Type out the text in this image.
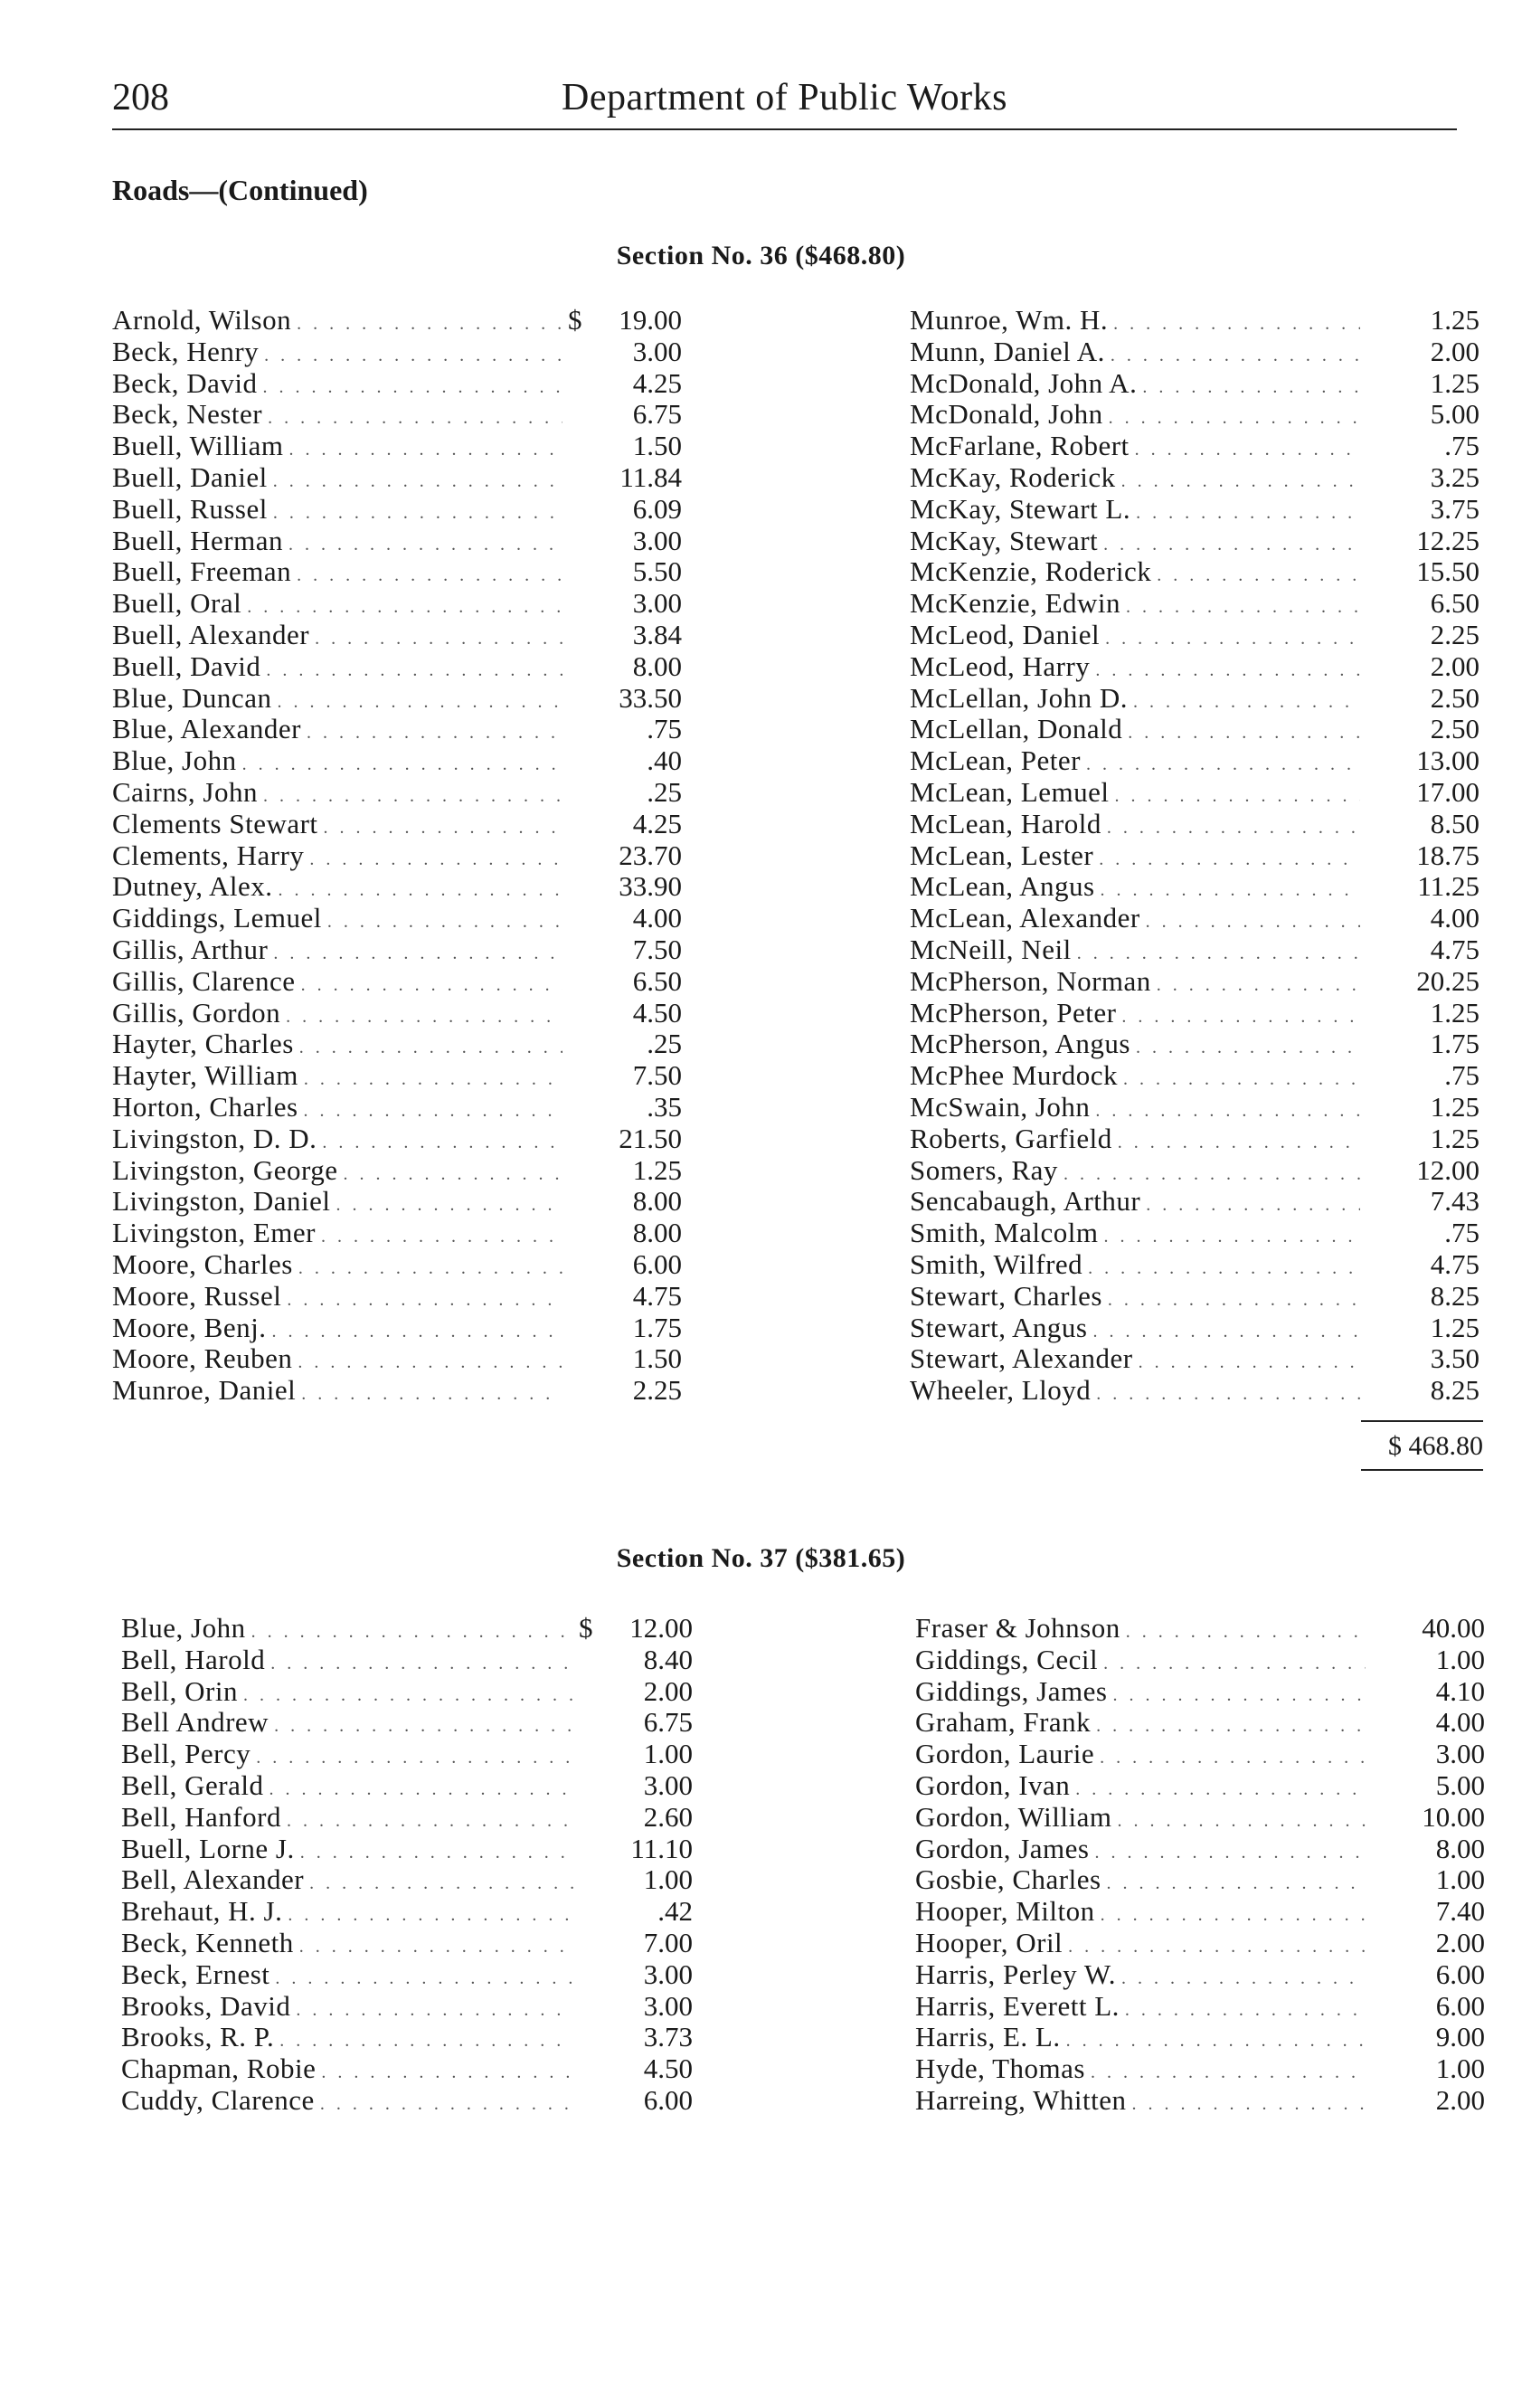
208	Department of Public Works
Roads—(Continued)
Section No. 36 ($468.80)
Arnold, Wilson . . .	$	19.00
Beck, Henry . . .	3.00
Beck, David . . .	4.25
Beck, Nester . . .	6.75
Buell, William . . .	1.50
Buell, Daniel . . .	11.84
Buell, Russel . . .	6.09
Buell, Herman . . .	3.00
Buell, Freeman . . .	5.50
Buell, Oral . . .	3.00
Buell, Alexander . . .	3.84
Buell, David . . .	8.00
Blue, Duncan . . .	33.50
Blue, Alexander . . .	.75
Blue, John . . .	.40
Cairns, John . . .	.25
Clements Stewart . . .	4.25
Clements, Harry . . .	23.70
Dutney, Alex. . . .	33.90
Giddings, Lemuel . . .	4.00
Gillis, Arthur . . .	7.50
Gillis, Clarence . . .	6.50
Gillis, Gordon . . .	4.50
Hayter, Charles . . .	.25
Hayter, William . . .	7.50
Horton, Charles . . .	.35
Livingston, D. D. . . .	21.50
Livingston, George . . .	1.25
Livingston, Daniel . . .	8.00
Livingston, Emer . . .	8.00
Moore, Charles . . .	6.00
Moore, Russel . . .	4.75
Moore, Benj. . . .	1.75
Moore, Reuben . . .	1.50
Munroe, Daniel . . .	2.25
Munroe, Wm. H. . . .	1.25
Munn, Daniel A. . . .	2.00
McDonald, John A. . . .	1.25
McDonald, John . . .	5.00
McFarlane, Robert . . .	.75
McKay, Roderick . . .	3.25
McKay, Stewart L. . . .	3.75
McKay, Stewart . . .	12.25
McKenzie, Roderick . . .	15.50
McKenzie, Edwin . . .	6.50
McLeod, Daniel . . .	2.25
McLeod, Harry . . .	2.00
McLellan, John D. . . .	2.50
McLellan, Donald . . .	2.50
McLean, Peter . . .	13.00
McLean, Lemuel . . .	17.00
McLean, Harold . . .	8.50
McLean, Lester . . .	18.75
McLean, Angus . . .	11.25
McLean, Alexander . . .	4.00
McNeill, Neil . . .	4.75
McPherson, Norman . . .	20.25
McPherson, Peter . . .	1.25
McPherson, Angus . . .	1.75
McPhee Murdock . . .	.75
McSwain, John . . .	1.25
Roberts, Garfield . . .	1.25
Somers, Ray . . .	12.00
Sencabaugh, Arthur . . .	7.43
Smith, Malcolm . . .	.75
Smith, Wilfred . . .	4.75
Stewart, Charles . . .	8.25
Stewart, Angus . . .	1.25
Stewart, Alexander . . .	3.50
Wheeler, Lloyd . . .	8.25
$ 468.80
Section No. 37 ($381.65)
Blue, John . . .	$	12.00
Bell, Harold . . .	8.40
Bell, Orin . . .	2.00
Bell Andrew . . .	6.75
Bell, Percy . . .	1.00
Bell, Gerald . . .	3.00
Bell, Hanford . . .	2.60
Buell, Lorne J. . . .	11.10
Bell, Alexander . . .	1.00
Brehaut, H. J. . . .	.42
Beck, Kenneth . . .	7.00
Beck, Ernest . . .	3.00
Brooks, David . . .	3.00
Brooks, R. P. . . .	3.73
Chapman, Robie . . .	4.50
Cuddy, Clarence . . .	6.00
Fraser & Johnson . . .	40.00
Giddings, Cecil . . .	1.00
Giddings, James . . .	4.10
Graham, Frank . . .	4.00
Gordon, Laurie . . .	3.00
Gordon, Ivan . . .	5.00
Gordon, William . . .	10.00
Gordon, James . . .	8.00
Gosbie, Charles . . .	1.00
Hooper, Milton . . .	7.40
Hooper, Oril . . .	2.00
Harris, Perley W. . . .	6.00
Harris, Everett L. . . .	6.00
Harris, E. L. . . .	9.00
Hyde, Thomas . . .	1.00
Harreing, Whitten . . .	2.00
